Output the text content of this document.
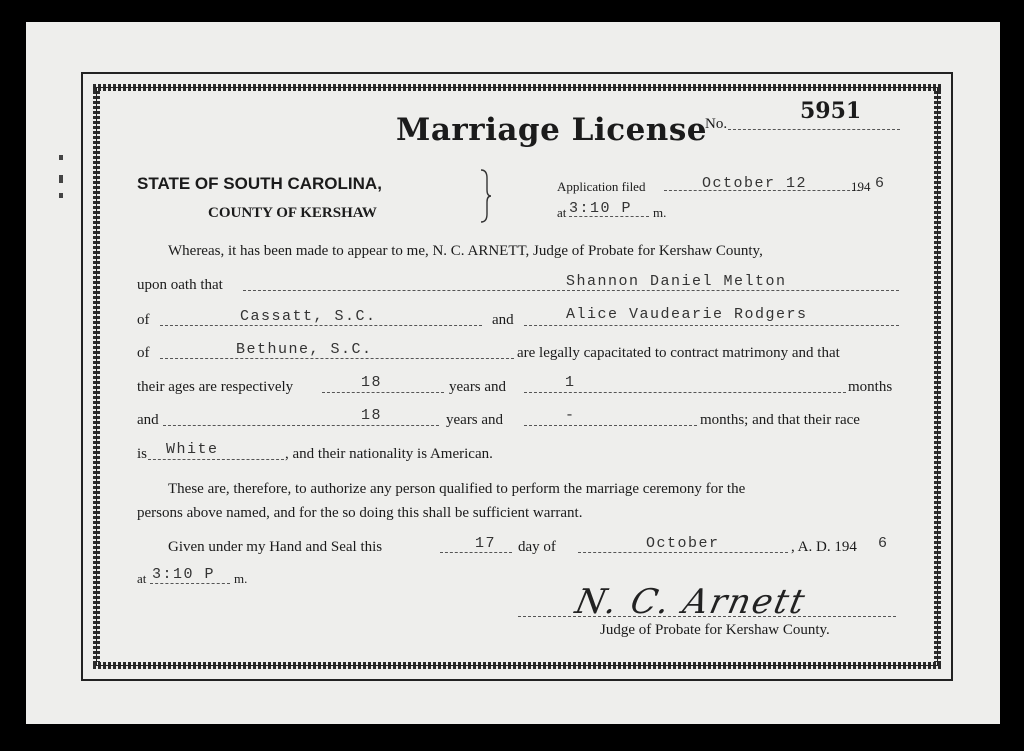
Marriage License
No.	5951
STATE OF SOUTH CAROLINA,
COUNTY OF KERSHAW
Application filed	October 12	194 6
at 3:10 P m.
Whereas, it has been made to appear to me, N. C. ARNETT, Judge of Probate for Kershaw County,
upon oath that	Shannon Daniel Melton
of	Cassatt, S.C.	and	Alice Vaudearie Rodgers
of	Bethune, S.C.	are legally capacitated to contract matrimony and that
their ages are respectively	18	years and	1	months
and	18	years and	-	months; and that their race
is White	, and their nationality is American.
These are, therefore, to authorize any person qualified to perform the marriage ceremony for the
persons above named, and for the so doing this shall be sufficient warrant.
Given under my Hand and Seal this	17 day of	October	, A. D. 194 6
at 3:10 P m.
N. C. Arnett
Judge of Probate for Kershaw County.
